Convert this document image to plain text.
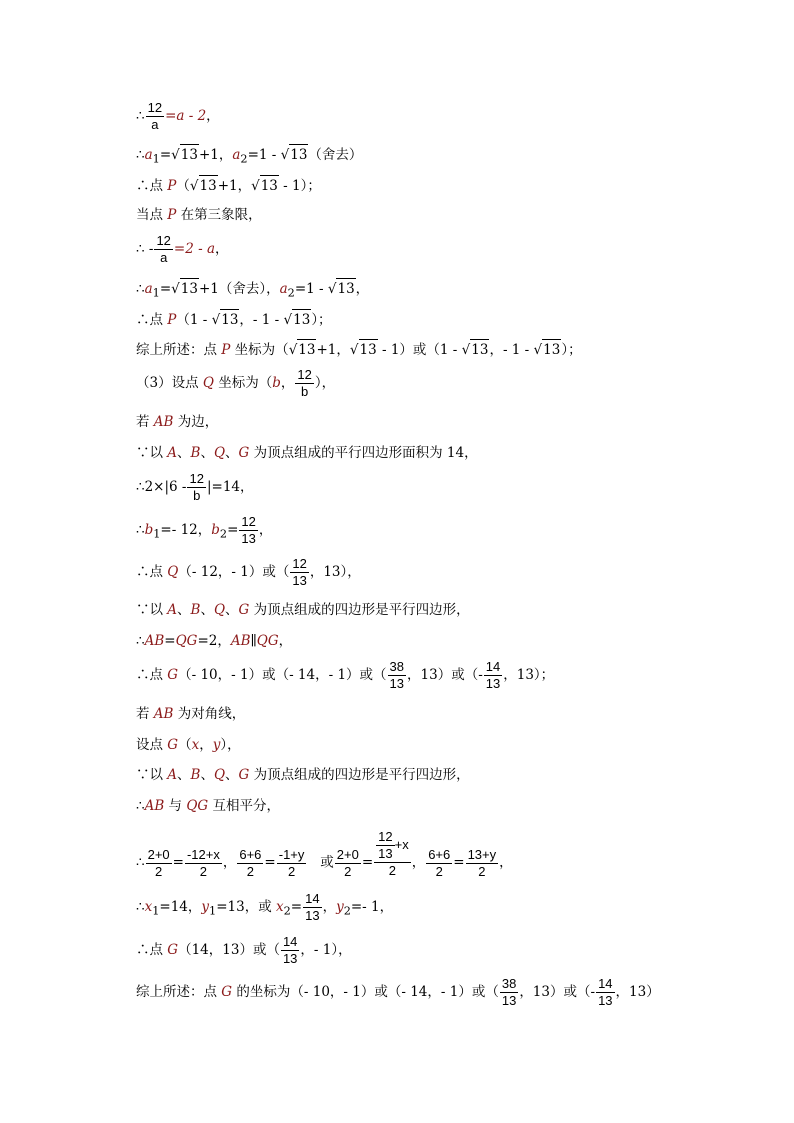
∴ $\frac{12}{a} =a - 2$，
$\therefore a_1=√13+1$，$a_2=1 - √13$（舍去）
∴点 P（√13+1，√13 - 1）；
当点 P 在第三象限，
∴ - $\frac{12}{a} =2 - a$，
$\therefore a_1=√13+1$（舍去），$a_2=1 - √13$，
∴点 P（1 - √13，- 1 - √13）；
综上所述：点 P 坐标为（√13+1，√13 - 1）或（1 - √13，- 1 - √13）；
（3）设点 Q 坐标为（b， $\frac{12}{b}$ ），
若 AB 为边，
∵以 A、B、Q、G 为顶点组成的平行四边形面积为 14，
∴2×|6 - $\frac{12}{b} |=14$，
$\therefore b_1=-$ 12，$b_2= \frac{12}{13}$ ，
∴点 Q（- 12，- 1）或（ $\frac{12}{13}$ ，13），
∵以 A、B、Q、G 为顶点组成的四边形是平行四边形，
∴AB=QG=2，AB∥QG，
∴点 G（- 10，- 1）或（- 14，- 1）或（ $\frac{38}{13}$ ，13）或（- $\frac{14}{13}$ ，13）；
若 AB 为对角线，
设点 G（x，y），
∵以 A、B、Q、G 为顶点组成的四边形是平行四边形，
∴AB 与 QG 互相平分，
∴ $\frac{2+0}{2} = \frac{-12+x}{2}$ ， $\frac{6+6}{2} = \frac{-1+y}{2}$ 或 $\frac{2+0}{2} = \frac{\frac{12}{13} +x}{2}$ ， $\frac{6+6}{2} = \frac{13+y}{2}$ ，
$\therefore x_1=14$，$y_1=13$，或 $x_2= \frac{14}{13}$ ，$y_2=-$ 1，
∴点 G（14，13）或（ $\frac{14}{13}$ ，- 1），
综上所述：点 G 的坐标为（- 10，- 1）或（- 14，- 1）或（ $\frac{38}{13}$ ，13）或（- $\frac{14}{13}$ ，13）
